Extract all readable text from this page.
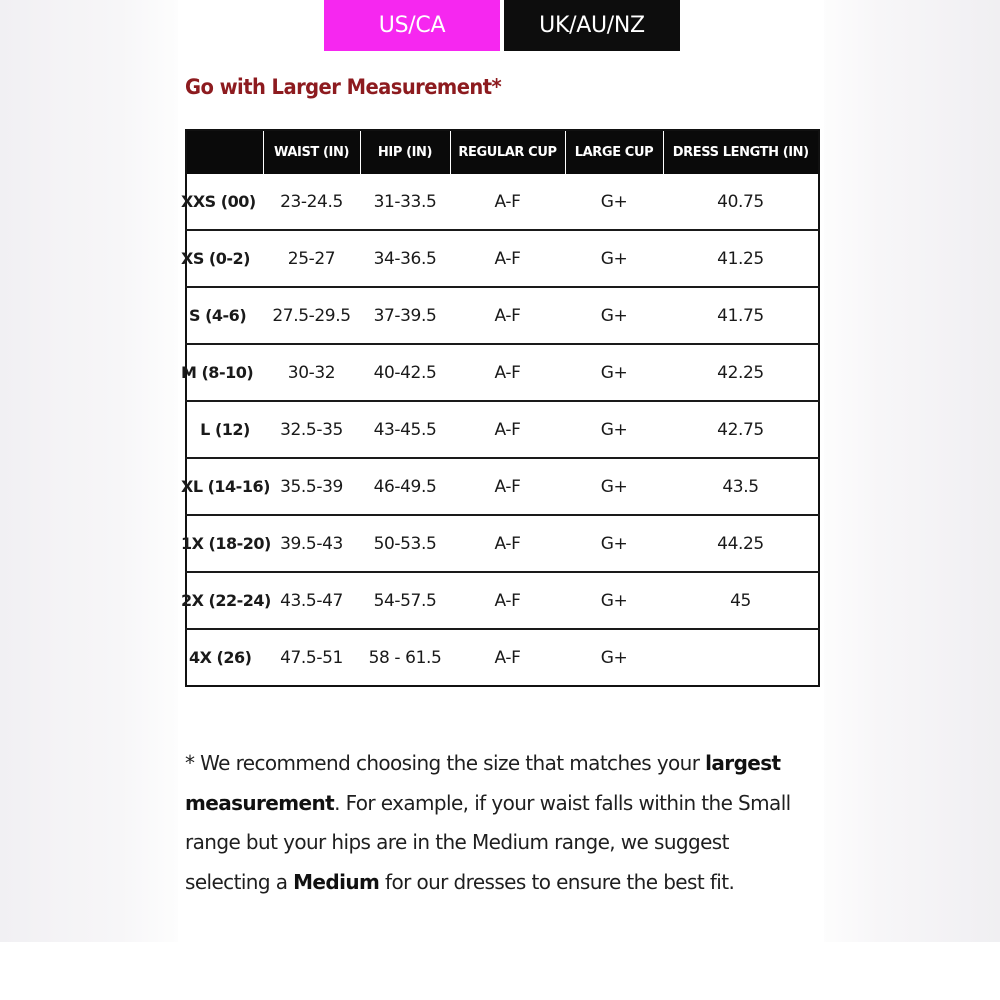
US/CA	UK/AU/NZ
Go with Larger Measurement*
	WAIST (IN)	HIP (IN)	REGULAR CUP	LARGE CUP	DRESS LENGTH (IN)
XXS (00)	23-24.5	31-33.5	A-F	G+	40.75
XS (0-2)	25-27	34-36.5	A-F	G+	41.25
S (4-6)	27.5-29.5	37-39.5	A-F	G+	41.75
M (8-10)	30-32	40-42.5	A-F	G+	42.25
L (12)	32.5-35	43-45.5	A-F	G+	42.75
XL (14-16)	35.5-39	46-49.5	A-F	G+	43.5
1X (18-20)	39.5-43	50-53.5	A-F	G+	44.25
2X (22-24)	43.5-47	54-57.5	A-F	G+	45
4X (26)	47.5-51	58 - 61.5	A-F	G+	
* We recommend choosing the size that matches your largest measurement. For example, if your waist falls within the Small range but your hips are in the Medium range, we suggest selecting a Medium for our dresses to ensure the best fit.
